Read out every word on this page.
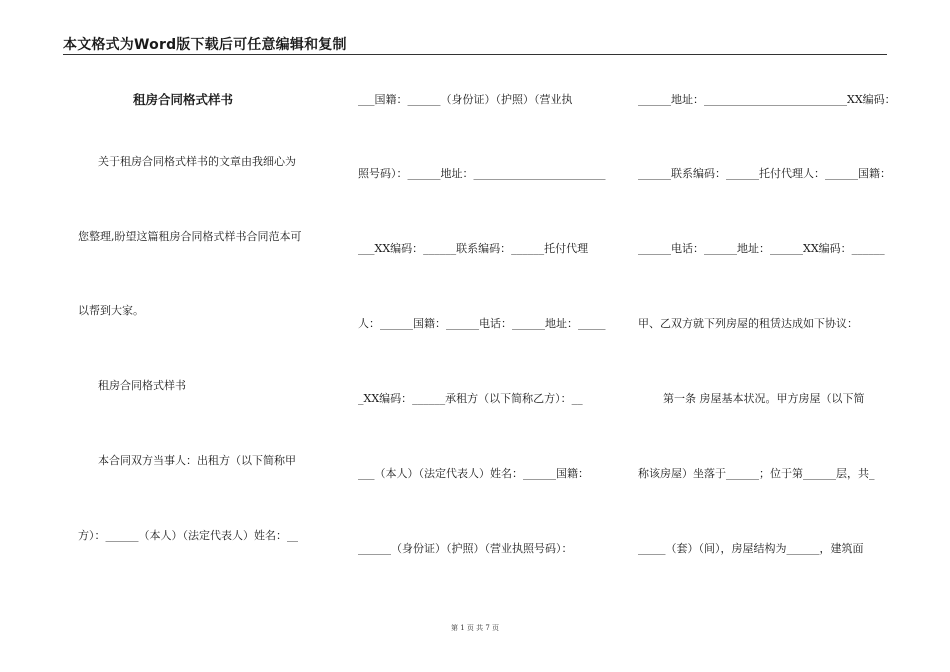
本文格式为Word版下载后可任意编辑和复制
租房合同格式样书
关于租房合同格式样书的文章由我细心为
您整理,盼望这篇租房合同格式样书合同范本可
以帮到大家。
租房合同格式样书
本合同双方当事人：出租方（以下简称甲
方）：______（本人）（法定代表人）姓名：__
___国籍：______（身份证）（护照）（营业执
照号码）：______地址：________________________
___XX编码：______联系编码：______托付代理
人：______国籍：______电话：______地址：_____
_XX编码：______承租方（以下简称乙方）：__
___（本人）（法定代表人）姓名：______国籍：
______（身份证）（护照）（营业执照号码）：
______地址：__________________________XX编码：
______联系编码：______托付代理人：______国籍：
______电话：______地址：______XX编码：______
甲、乙双方就下列房屋的租赁达成如下协议：
第一条 房屋基本状况。甲方房屋（以下简
称该房屋）坐落于______；位于第______层，共_
_____（套）（间），房屋结构为______，建筑面
第 1 页 共 7 页
